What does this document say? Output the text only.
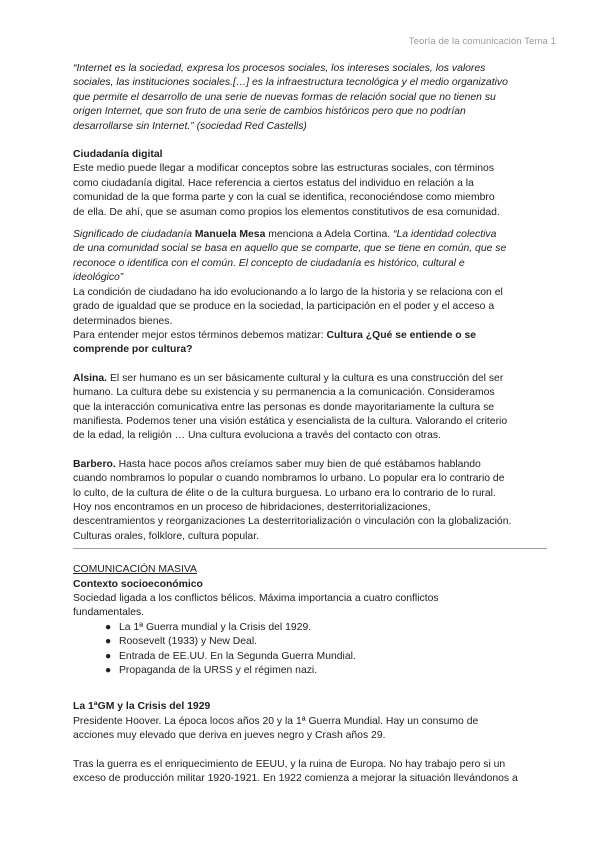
Teoría de la comunicación Tema 1

“Internet es la sociedad, expresa los procesos sociales, los intereses sociales, los valores

sociales, las instituciones sociales.[…] es la infraestructura tecnológica y el medio organizativo

que permite el desarrollo de una serie de nuevas formas de relación social que no tienen su

origen Internet, que son fruto de una serie de cambios históricos pero que no podrían

desarrollarse sin Internet.” (sociedad Red Castells)

Ciudadanía digital

Este medio puede llegar a modificar conceptos sobre las estructuras sociales, con términos

como ciudadanía digital. Hace referencia a ciertos estatus del individuo en relación a la

comunidad de la que forma parte y con la cual se identifica, reconociéndose como miembro

de ella. De ahí, que se asuman como propios los elementos constitutivos de esa comunidad.

Significado de ciudadanía Manuela Mesa menciona a Adela Cortina. “La identidad colectiva

de una comunidad social se basa en aquello que se comparte, que se tiene en común, que se

reconoce o identifica con el común. El concepto de ciudadanía es histórico, cultural e

ideológico”

La condición de ciudadano ha ido evolucionando a lo largo de la historia y se relaciona con el

grado de igualdad que se produce en la sociedad, la participación en el poder y el acceso a

determinados bienes.

Para entender mejor estos términos debemos matizar: Cultura ¿Qué se entiende o se

comprende por cultura?

Alsina. El ser humano es un ser básicamente cultural y la cultura es una construcción del ser

humano. La cultura debe su existencia y su permanencia a la comunicación. Consideramos

que la interacción comunicativa entre las personas es donde mayoritariamente la cultura se

manifiesta. Podemos tener una visión estática y esencialista de la cultura. Valorando el criterio

de la edad, la religión … Una cultura evoluciona a través del contacto con otras.

Barbero. Hasta hace pocos años creíamos saber muy bien de qué estábamos hablando

cuando nombramos lo popular o cuando nombramos lo urbano. Lo popular era lo contrario de

lo culto, de la cultura de élite o de la cultura burguesa. Lo urbano era lo contrario de lo rural.

Hoy nos encontramos en un proceso de hibridaciones, desterritorializaciones,

descentramientos y reorganizaciones La desterritorialización o vinculación con la globalización.

Culturas orales, folklore, cultura popular.

COMUNICACIÓN MASIVA

Contexto socioeconómico

Sociedad ligada a los conflictos bélicos. Máxima importancia a cuatro conflictos

fundamentales.

● La 1ª Guerra mundial y la Crisis del 1929.
● Roosevelt (1933) y New Deal.
● Entrada de EE.UU. En la Segunda Guerra Mundial.
● Propaganda de la URSS y el régimen nazi.

La 1ªGM y la Crisis del 1929

Presidente Hoover. La época locos años 20 y la 1ª Guerra Mundial. Hay un consumo de

acciones muy elevado que deriva en jueves negro y Crash años 29.

Tras la guerra es el enriquecimiento de EEUU, y la ruina de Europa. No hay trabajo pero si un

exceso de producción militar 1920-1921. En 1922 comienza a mejorar la situación llevándonos a
